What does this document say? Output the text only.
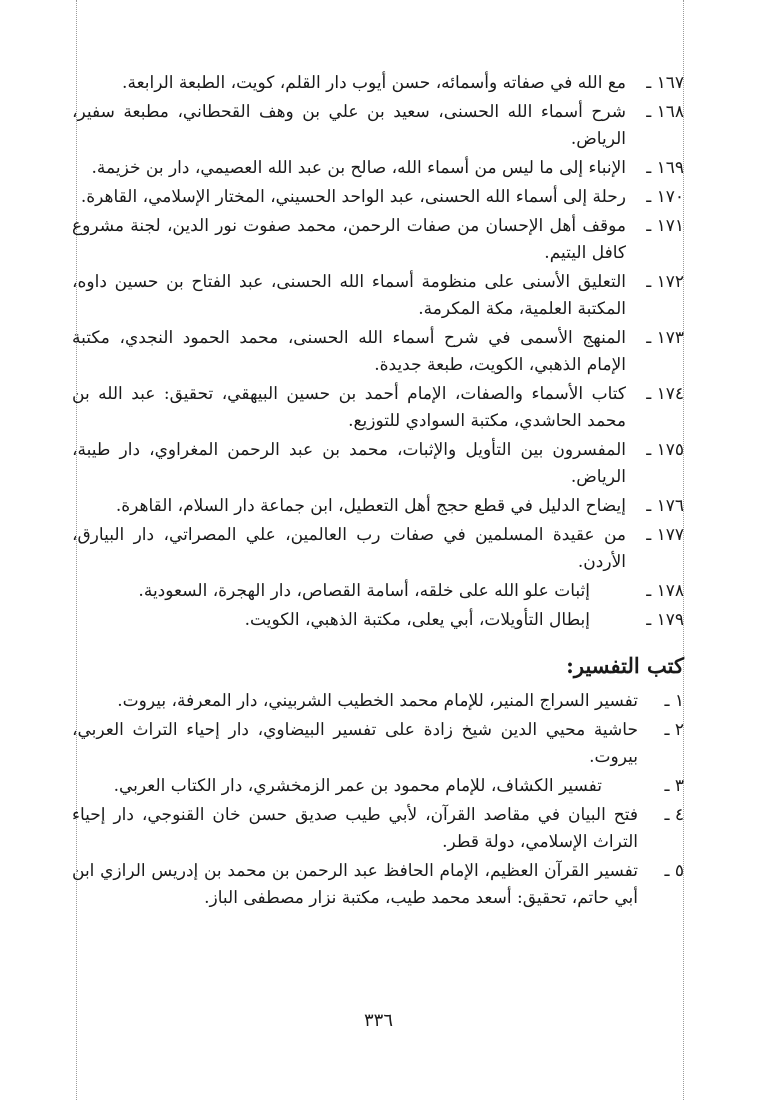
١٦٧ ـ
مع الله في صفاته وأسمائه، حسن أيوب دار القلم، كويت، الطبعة الرابعة.
١٦٨ ـ
شرح أسماء الله الحسنى، سعيد بن علي بن وهف القحطاني، مطبعة سفير، الرياض.
١٦٩ ـ
الإنباء إلى ما ليس من أسماء الله، صالح بن عبد الله العصيمي، دار بن خزيمة.
١٧٠ ـ
رحلة إلى أسماء الله الحسنى، عبد الواحد الحسيني، المختار الإسلامي، القاهرة.
١٧١ ـ
موقف أهل الإحسان من صفات الرحمن، محمد صفوت نور الدين، لجنة مشروع كافل اليتيم.
١٧٢ ـ
التعليق الأسنى على منظومة أسماء الله الحسنى، عبد الفتاح بن حسين داوه، المكتبة العلمية، مكة المكرمة.
١٧٣ ـ
المنهج الأسمى في شرح أسماء الله الحسنى، محمد الحمود النجدي، مكتبة الإمام الذهبي، الكويت، طبعة جديدة.
١٧٤ ـ
كتاب الأسماء والصفات، الإمام أحمد بن حسين البيهقي، تحقيق: عبد الله بن محمد الحاشدي، مكتبة السوادي للتوزيع.
١٧٥ ـ
المفسرون بين التأويل والإثبات، محمد بن عبد الرحمن المغراوي، دار طيبة، الرياض.
١٧٦ ـ
إيضاح الدليل في قطع حجج أهل التعطيل، ابن جماعة دار السلام، القاهرة.
١٧٧ ـ
من عقيدة المسلمين في صفات رب العالمين، علي المصراتي، دار البيارق، الأردن.
١٧٨ ـ
إثبات علو الله على خلقه، أسامة القصاص، دار الهجرة، السعودية.
١٧٩ ـ
إبطال التأويلات، أبي يعلى، مكتبة الذهبي، الكويت.
كتب التفسير:
١ ـ
تفسير السراج المنير، للإمام محمد الخطيب الشربيني، دار المعرفة، بيروت.
٢ ـ
حاشية محيي الدين شيخ زادة على تفسير البيضاوي، دار إحياء التراث العربي، بيروت.
٣ ـ
تفسير الكشاف، للإمام محمود بن عمر الزمخشري، دار الكتاب العربي.
٤ ـ
فتح البيان في مقاصد القرآن، لأبي طيب صديق حسن خان القنوجي، دار إحياء التراث الإسلامي، دولة قطر.
٥ ـ
تفسير القرآن العظيم، الإمام الحافظ عبد الرحمن بن محمد بن إدريس الرازي ابن أبي حاتم، تحقيق: أسعد محمد طيب، مكتبة نزار مصطفى الباز.
٣٣٦
